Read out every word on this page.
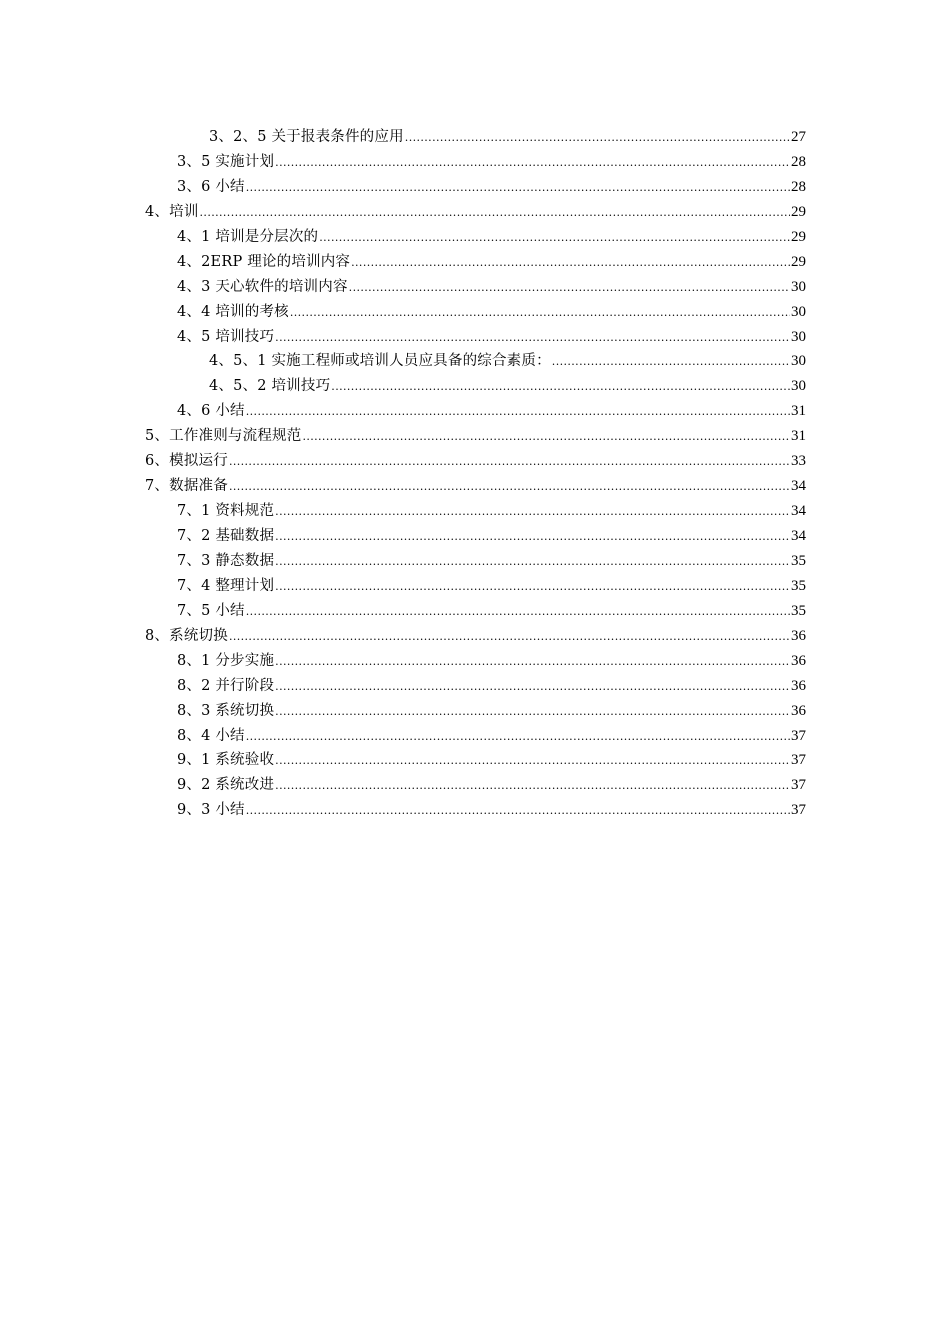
3、2、5 关于报表条件的应用 .....	27
3、5 实施计划 .....	28
3、6 小结 .....	28
4、培训 .....	29
4、1 培训是分层次的 .....	29
4、2ERP 理论的培训内容 .....	29
4、3 天心软件的培训内容 .....	30
4、4 培训的考核 .....	30
4、5 培训技巧 .....	30
4、5、1 实施工程师或培训人员应具备的综合素质： .....	30
4、5、2 培训技巧 .....	30
4、6 小结 .....	31
5、工作准则与流程规范 .....	31
6、模拟运行 .....	33
7、数据准备 .....	34
7、1 资料规范 .....	34
7、2 基础数据 .....	34
7、3 静态数据 .....	35
7、4 整理计划 .....	35
7、5 小结 .....	35
8、系统切换 .....	36
8、1 分步实施 .....	36
8、2 并行阶段 .....	36
8、3 系统切换 .....	36
8、4 小结 .....	37
9、1 系统验收 .....	37
9、2 系统改进 .....	37
9、3 小结 .....	37
